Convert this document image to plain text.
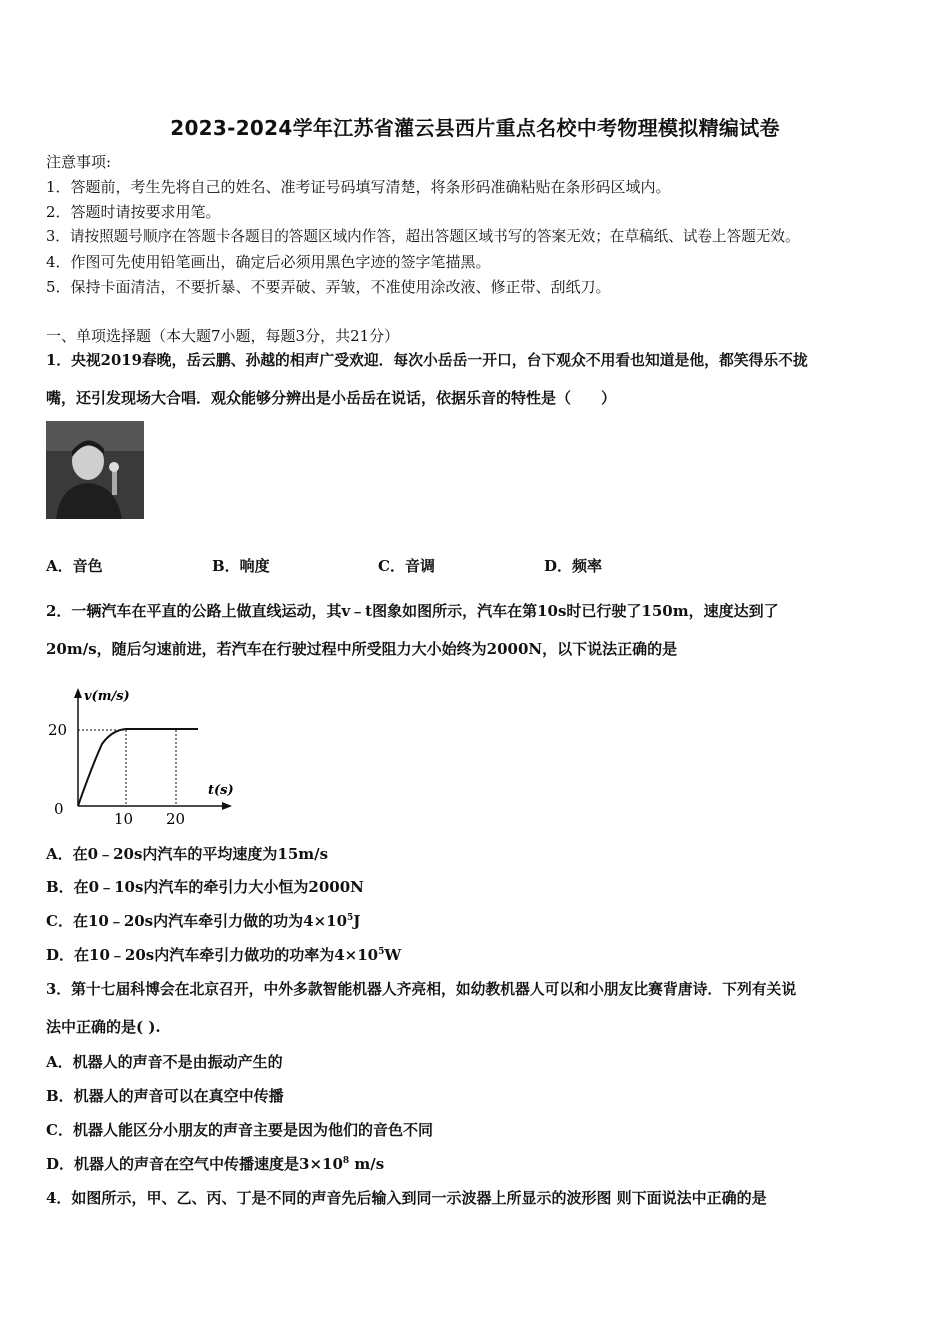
2023-2024学年江苏省灌云县西片重点名校中考物理模拟精编试卷
注意事项:
1．答题前，考生先将自己的姓名、准考证号码填写清楚，将条形码准确粘贴在条形码区域内。
2．答题时请按要求用笔。
3．请按照题号顺序在答题卡各题目的答题区域内作答，超出答题区域书写的答案无效；在草稿纸、试卷上答题无效。
4．作图可先使用铅笔画出，确定后必须用黑色字迹的签字笔描黑。
5．保持卡面清洁，不要折暴、不要弄破、弄皱，不准使用涂改液、修正带、刮纸刀。
一、单项选择题（本大题7小题，每题3分，共21分）
1．央视2019春晚，岳云鹏、孙越的相声广受欢迎．每次小岳岳一开口，台下观众不用看也知道是他，都笑得乐不拢
嘴，还引发现场大合唱．观众能够分辨出是小岳岳在说话，依据乐音的特性是（　　）
A．音色	B．响度	C．音调	D．频率
2．一辆汽车在平直的公路上做直线运动，其v﹣t图象如图所示，汽车在第10s时已行驶了150m，速度达到了
20m/s，随后匀速前进，若汽车在行驶过程中所受阻力大小始终为2000N，以下说法正确的是
v(m/s)
t(s)
20
0
10 20
A．在0﹣20s内汽车的平均速度为15m/s
B．在0﹣10s内汽车的牵引力大小恒为2000N
C．在10﹣20s内汽车牵引力做的功为$4\times 10^5J$
D．在10﹣20s内汽车牵引力做功的功率为$4\times 10^5W$
3．第十七届科博会在北京召开，中外多款智能机器人齐亮相，如幼教机器人可以和小朋友比赛背唐诗．下列有关说
法中正确的是( ).
A．机器人的声音不是由振动产生的
B．机器人的声音可以在真空中传播
C．机器人能区分小朋友的声音主要是因为他们的音色不同
D．机器人的声音在空气中传播速度是$3\times 10^8$ m/s
4．如图所示，甲、乙、丙、丁是不同的声音先后输入到同一示波器上所显示的波形图 则下面说法中正确的是
